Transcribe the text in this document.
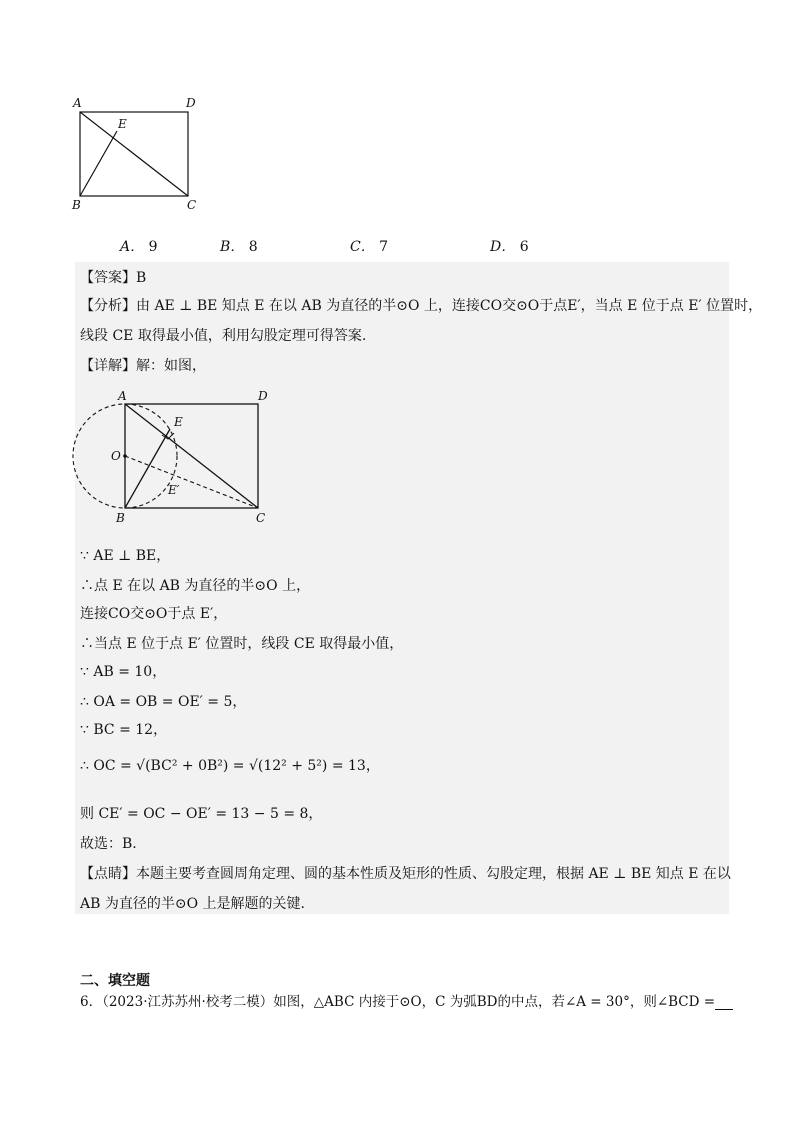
A	D
E
B	C
A． 9	B． 8	C． 7	D． 6
【答案】B
【分析】由 AE ⊥ BE 知点 E 在以 AB 为直径的半⊙O 上，连接CO交⊙O于点E′，当点 E 位于点 E′ 位置时，
线段 CE 取得最小值，利用勾股定理可得答案.
【详解】解：如图，
A	D
E
O
E′
B	C
∵ AE ⊥ BE，
∴点 E 在以 AB 为直径的半⊙O 上，
连接CO交⊙O于点 E′，
∴当点 E 位于点 E′ 位置时，线段 CE 取得最小值，
∵ AB = 10，
∴ OA = OB = OE′ = 5，
∵ BC = 12，
∴ OC = √(BC² + 0B²) = √(12² + 5²) = 13，
则 CE′ = OC − OE′ = 13 − 5 = 8，
故选：B.
【点睛】本题主要考查圆周角定理、圆的基本性质及矩形的性质、勾股定理，根据 AE ⊥ BE 知点 E 在以
AB 为直径的半⊙O 上是解题的关键.
二、填空题
6．（2023·江苏苏州·校考二模）如图，△ABC 内接于⊙O，C 为弧BD的中点，若∠A = 30°，则∠BCD =
